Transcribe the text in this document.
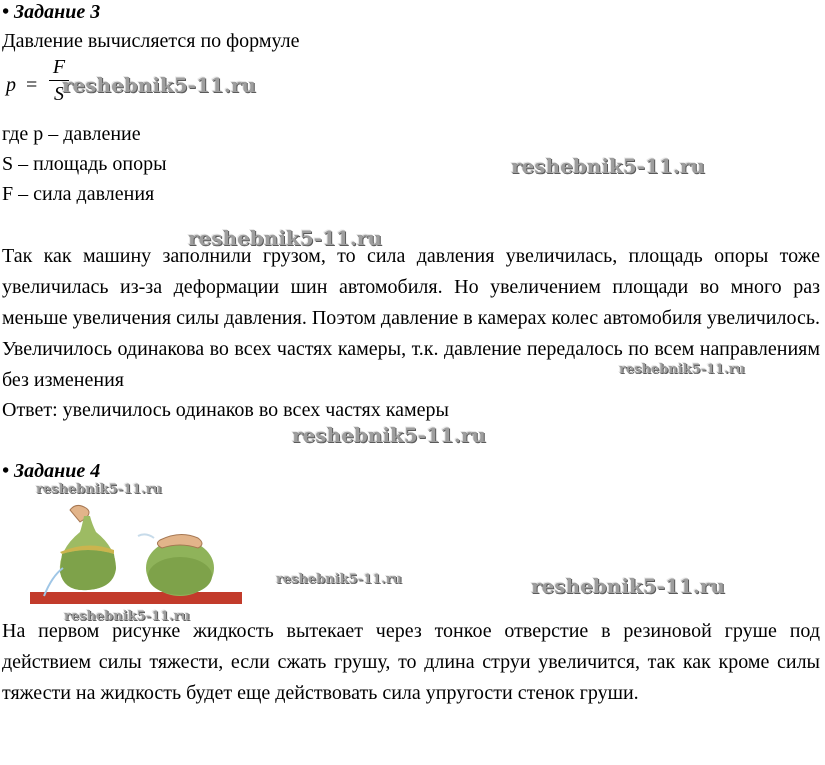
• Задание 3
Давление вычисляется по формуле
p =
F
S
где p – давление
S – площадь опоры
F – сила давления

Так как машину заполнили грузом, то сила давления увеличилась, площадь опоры тоже увеличилась из-за деформации шин автомобиля. Но увеличением площади во много раз меньше увеличения силы давления. Поэтом давление в камерах колес автомобиля увеличилось. Увеличилось одинакова во всех частях камеры, т.к. давление передалось по всем направлениям без изменения

Ответ: увеличилось одинаков во всех частях камеры
• Задание 4

На первом рисунке жидкость вытекает через тонкое отверстие в резиновой груше под действием силы тяжести, если сжать грушу, то длина струи увеличится, так как кроме силы тяжести на жидкость будет еще действовать сила упругости стенок груши.

reshebnik5-11.ru
reshebnik5-11.ru
reshebnik5-11.ru
reshebnik5-11.ru
reshebnik5-11.ru
reshebnik5-11.ru
reshebnik5-11.ru	reshebnik5-11.ru
reshebnik5-11.ru
